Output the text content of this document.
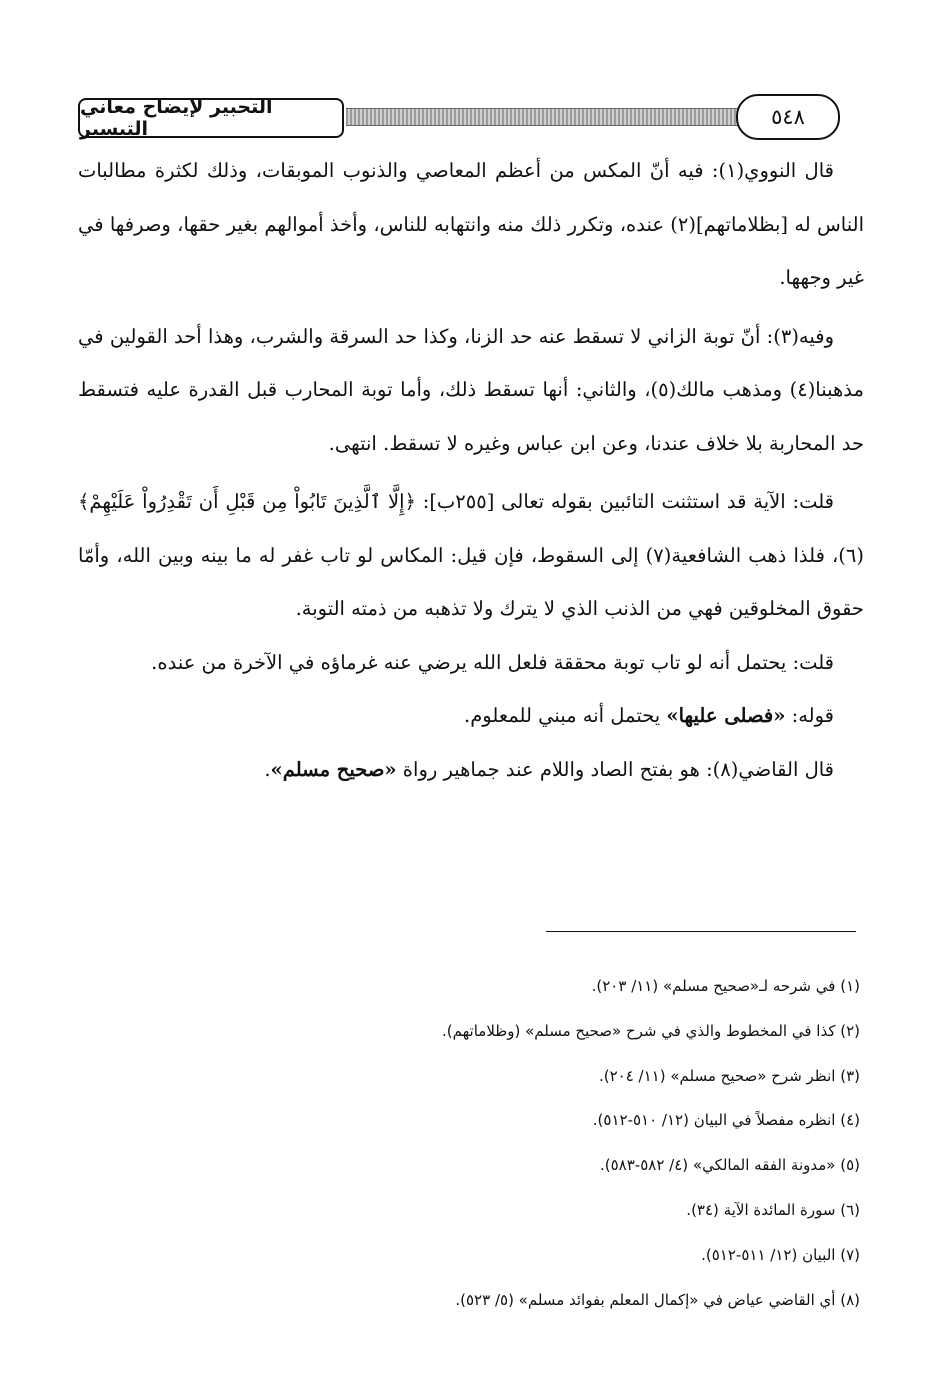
التحبير لإيضاح معاني التيسير	٥٤٨

قال النووي(١): فيه أنّ المكس من أعظم المعاصي والذنوب الموبقات، وذلك لكثرة مطالبات الناس له [بظلاماتهم](٢) عنده، وتكرر ذلك منه وانتهابه للناس، وأخذ أموالهم بغير حقها، وصرفها في غير وجهها.

وفيه(٣): أنّ توبة الزاني لا تسقط عنه حد الزنا، وكذا حد السرقة والشرب، وهذا أحد القولين في مذهبنا(٤) ومذهب مالك(٥)، والثاني: أنها تسقط ذلك، وأما توبة المحارب قبل القدرة عليه فتسقط حد المحاربة بلا خلاف عندنا، وعن ابن عباس وغيره لا تسقط. انتهى.

قلت: الآية قد استثنت التائبين بقوله تعالى [٢٥٥ب]: ﴿إِلَّا ٱلَّذِينَ تَابُواْ مِن قَبْلِ أَن تَقْدِرُواْ عَلَيْهِمْ﴾ (٦)، فلذا ذهب الشافعية(٧) إلى السقوط، فإن قيل: المكاس لو تاب غفر له ما بينه وبين الله، وأمّا حقوق المخلوقين فهي من الذنب الذي لا يترك ولا تذهبه من ذمته التوبة.

قلت: يحتمل أنه لو تاب توبة محققة فلعل الله يرضي عنه غرماؤه في الآخرة من عنده.

قوله: «فصلى عليها» يحتمل أنه مبني للمعلوم.

قال القاضي(٨): هو بفتح الصاد واللام عند جماهير رواة «صحيح مسلم».

(١) في شرحه لـ«صحيح مسلم» (١١/ ٢٠٣).

(٢) كذا في المخطوط والذي في شرح «صحيح مسلم» (وظلاماتهم).

(٣) انظر شرح «صحيح مسلم» (١١/ ٢٠٤).

(٤) انظره مفصلاً في البيان (١٢/ ٥١٠-٥١٢).

(٥) «مدونة الفقه المالكي» (٤/ ٥٨٢-٥٨٣).

(٦) سورة المائدة الآية (٣٤).

(٧) البيان (١٢/ ٥١١-٥١٢).

(٨) أي القاضي عياض في «إكمال المعلم بفوائد مسلم» (٥/ ٥٢٣).
